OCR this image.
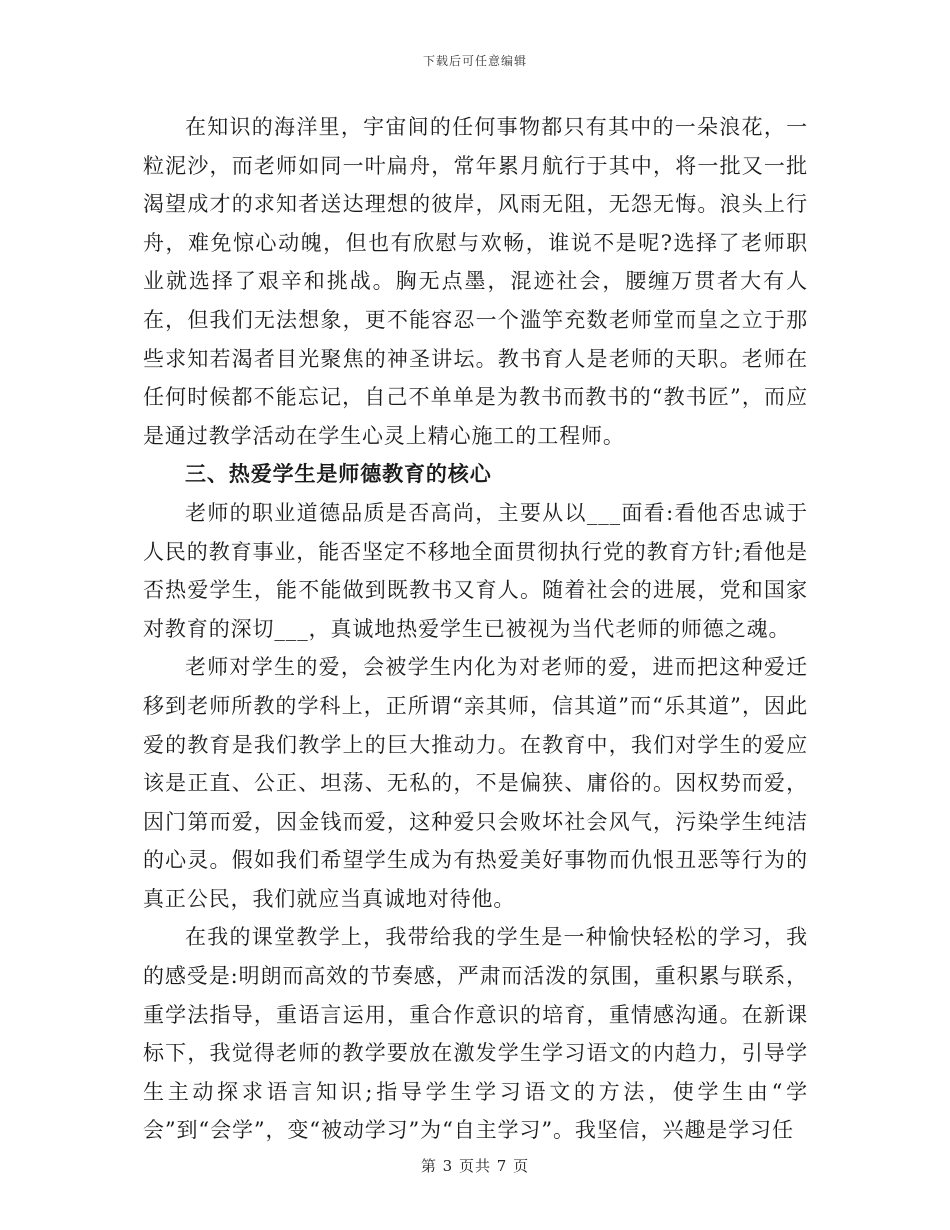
下载后可任意编辑

在知识的海洋里，宇宙间的任何事物都只有其中的一朵浪花，一粒泥沙，而老师如同一叶扁舟，常年累月航行于其中，将一批又一批渴望成才的求知者送达理想的彼岸，风雨无阻，无怨无悔。浪头上行舟，难免惊心动魄，但也有欣慰与欢畅，谁说不是呢?选择了老师职业就选择了艰辛和挑战。胸无点墨，混迹社会，腰缠万贯者大有人在，但我们无法想象，更不能容忍一个滥竽充数老师堂而皇之立于那些求知若渴者目光聚焦的神圣讲坛。教书育人是老师的天职。老师在任何时候都不能忘记，自己不单单是为教书而教书的“教书匠”，而应是通过教学活动在学生心灵上精心施工的工程师。

三、热爱学生是师德教育的核心

老师的职业道德品质是否高尚，主要从以___面看:看他否忠诚于人民的教育事业，能否坚定不移地全面贯彻执行党的教育方针;看他是否热爱学生，能不能做到既教书又育人。随着社会的进展，党和国家对教育的深切___，真诚地热爱学生已被视为当代老师的师德之魂。

老师对学生的爱，会被学生内化为对老师的爱，进而把这种爱迁移到老师所教的学科上，正所谓“亲其师，信其道”而“乐其道”，因此爱的教育是我们教学上的巨大推动力。在教育中，我们对学生的爱应该是正直、公正、坦荡、无私的，不是偏狭、庸俗的。因权势而爱，因门第而爱，因金钱而爱，这种爱只会败坏社会风气，污染学生纯洁的心灵。假如我们希望学生成为有热爱美好事物而仇恨丑恶等行为的真正公民，我们就应当真诚地对待他。

在我的课堂教学上，我带给我的学生是一种愉快轻松的学习，我的感受是:明朗而高效的节奏感，严肃而活泼的氛围，重积累与联系，重学法指导，重语言运用，重合作意识的培育，重情感沟通。在新课标下，我觉得老师的教学要放在激发学生学习语文的内趋力，引导学生主动探求语言知识;指导学生学习语文的方法，使学生由“学会”到“会学”，变“被动学习”为“自主学习”。我坚信，兴趣是学习任

第 3 页共 7 页
